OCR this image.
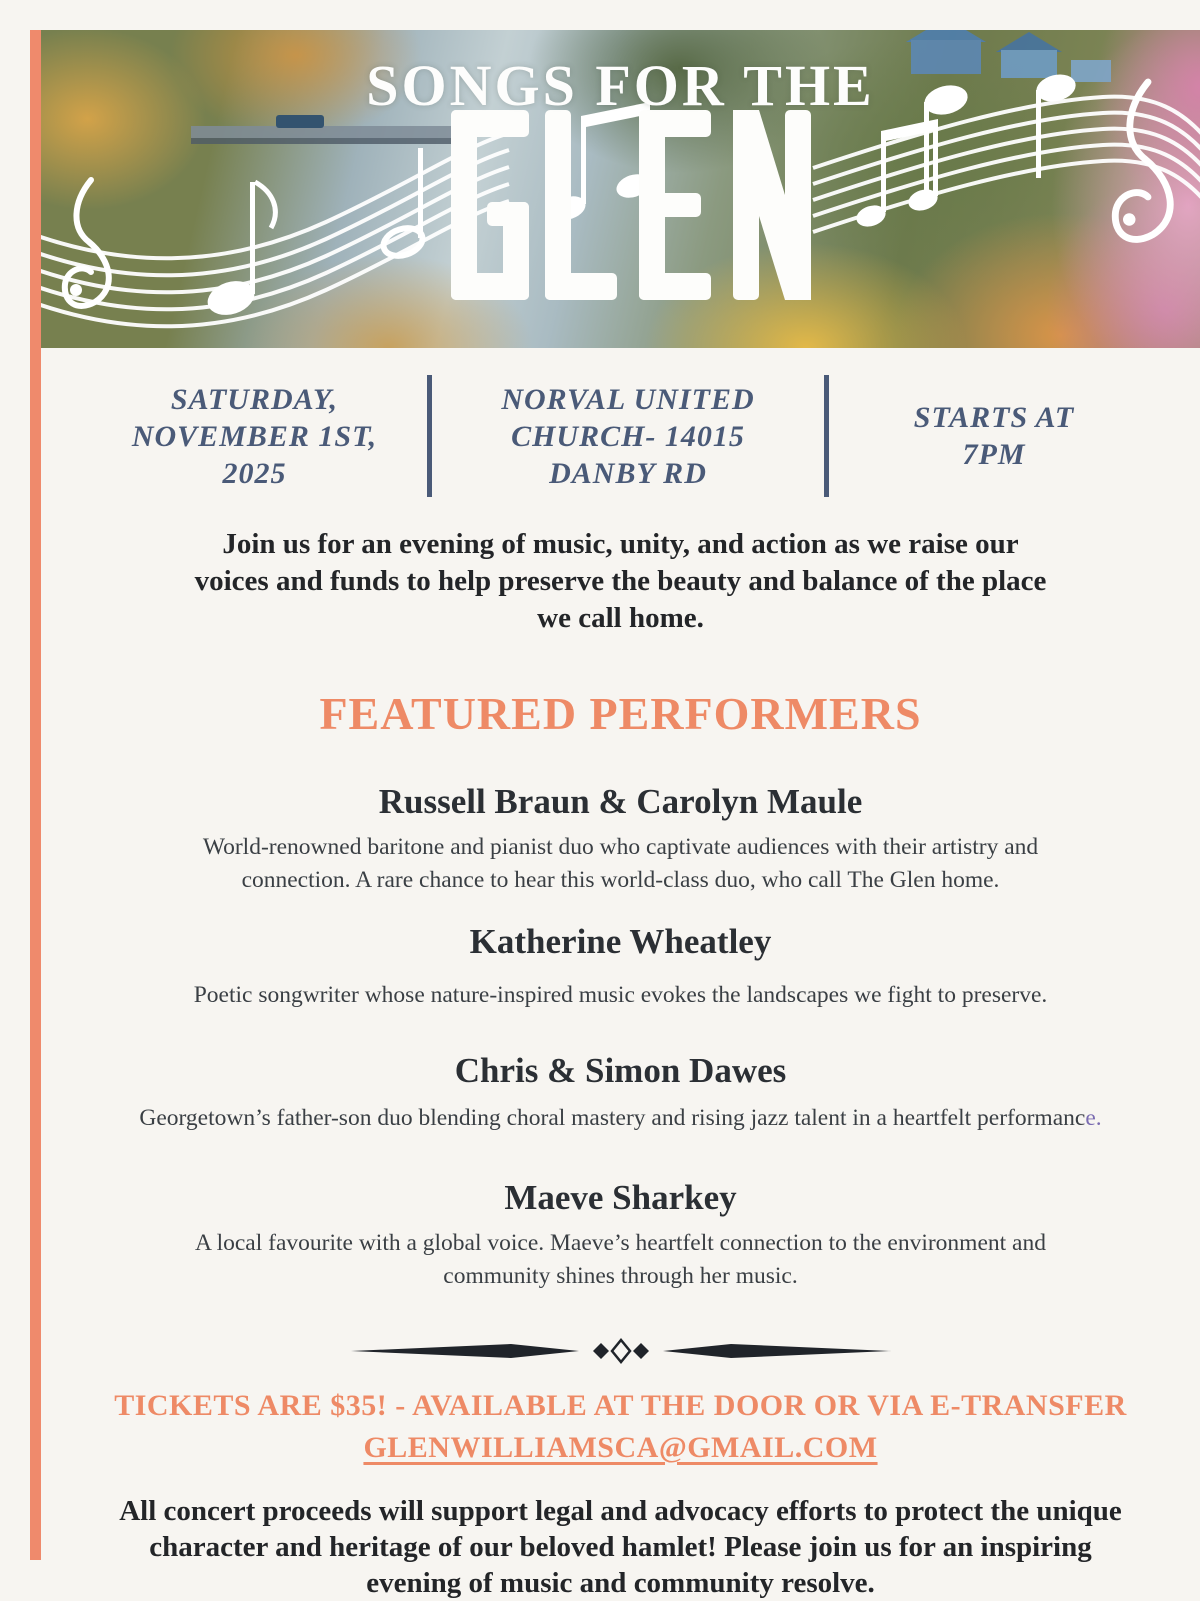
SONGS FOR THE
SATURDAY,
NOVEMBER 1ST,
2025
NORVAL UNITED
CHURCH- 14015
DANBY RD
STARTS AT
7PM
Join us for an evening of music, unity, and action as we raise our
voices and funds to help preserve the beauty and balance of the place
we call home.
FEATURED PERFORMERS
Russell Braun & Carolyn Maule
World-renowned baritone and pianist duo who captivate audiences with their artistry and
connection. A rare chance to hear this world-class duo, who call The Glen home.
Katherine Wheatley
Poetic songwriter whose nature-inspired music evokes the landscapes we fight to preserve.
Chris & Simon Dawes
Georgetown’s father-son duo blending choral mastery and rising jazz talent in a heartfelt performance.
Maeve Sharkey
A local favourite with a global voice. Maeve’s heartfelt connection to the environment and
community shines through her music.
TICKETS ARE $35! - AVAILABLE AT THE DOOR OR VIA E-TRANSFER
GLENWILLIAMSCA@GMAIL.COM
All concert proceeds will support legal and advocacy efforts to protect the unique
character and heritage of our beloved hamlet! Please join us for an inspiring
evening of music and community resolve.
